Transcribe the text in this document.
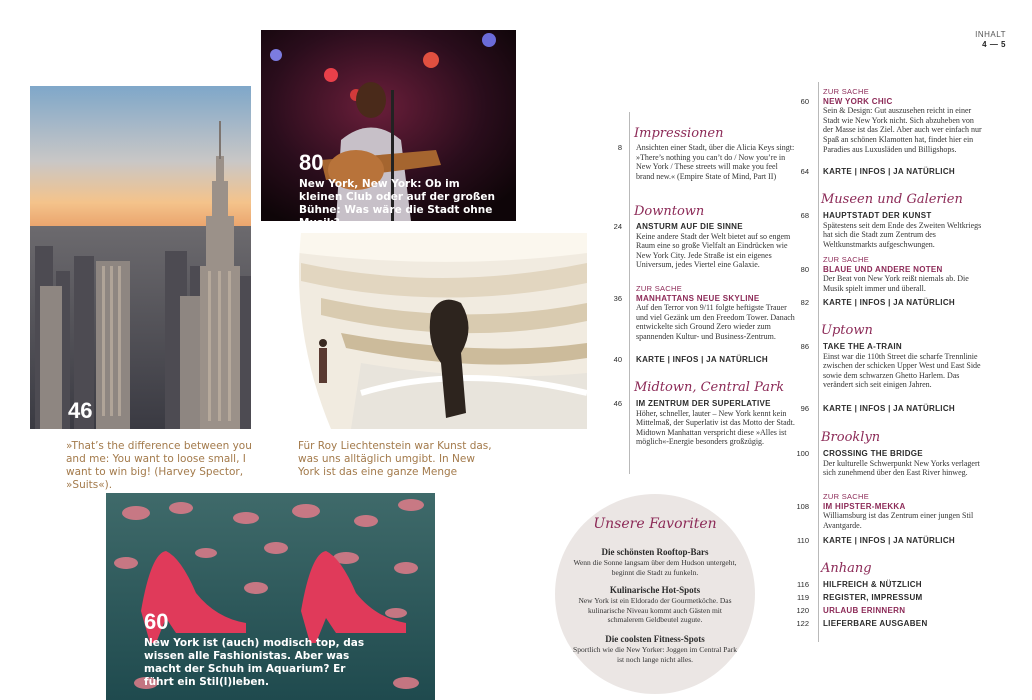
INHALT
4 — 5
46
»That’s the difference between you and me: You want to loose small, I want to win big! (Harvey Spector, »Suits«).
80
New York, New York: Ob im kleinen Club oder auf der großen Bühne: Was wäre die Stadt ohne Musik?
71
Für Roy Liechtenstein war Kunst das, was uns alltäglich umgibt. In New York ist das eine ganze Menge
60
New York ist (auch) modisch top, das wissen alle Fashionistas. Aber was macht der Schuh im Aquarium? Er führt ein Stil(l)leben.
Impressionen
8 Ansichten einer Stadt, über die Alicia Keys singt: »There’s nothing you can’t do / Now you’re in New York / These streets will make you feel brand new.« (Empire State of Mind, Part II)
Downtown
24 ANSTURM AUF DIE SINNE
Keine andere Stadt der Welt bietet auf so engem Raum eine so große Vielfalt an Eindrücken wie New York City. Jede Straße ist ein eigenes Universum, jedes Viertel eine Galaxie.
ZUR SACHE
36 MANHATTANS NEUE SKYLINE
Auf den Terror von 9/11 folgte heftigste Trauer und viel Gezänk um den Freedom Tower. Danach entwickelte sich Ground Zero wieder zum spannenden Kultur- und Business-Zentrum.
40 KARTE | INFOS | JA NATÜRLICH
Midtown, Central Park
46 IM ZENTRUM DER SUPERLATIVE
Höher, schneller, lauter – New York kennt kein Mittelmaß, der Superlativ ist das Motto der Stadt. Midtown Manhattan verspricht diese »Alles ist möglich«-Energie besonders großzügig.
ZUR SACHE
60 NEW YORK CHIC
Sein & Design: Gut auszusehen reicht in einer Stadt wie New York nicht. Sich abzuheben von der Masse ist das Ziel. Aber auch wer einfach nur Spaß an schönen Klamotten hat, findet hier ein Paradies aus Luxusläden und Billigshops.
64 KARTE | INFOS | JA NATÜRLICH
Museen und Galerien
68 HAUPTSTADT DER KUNST
Spätestens seit dem Ende des Zweiten Weltkriegs hat sich die Stadt zum Zentrum des Weltkunstmarkts aufgeschwungen.
ZUR SACHE
80 BLAUE UND ANDERE NOTEN
Der Beat von New York reißt niemals ab. Die Musik spielt immer und überall.
82 KARTE | INFOS | JA NATÜRLICH
Uptown
86 TAKE THE A-TRAIN
Einst war die 110th Street die scharfe Trennlinie zwischen der schicken Upper West und East Side sowie dem schwarzen Ghetto Harlem. Das verändert sich seit einigen Jahren.
96 KARTE | INFOS | JA NATÜRLICH
Brooklyn
100 CROSSING THE BRIDGE
Der kulturelle Schwerpunkt New Yorks verlagert sich zunehmend über den East River hinweg.
ZUR SACHE
108 IM HIPSTER-MEKKA
Williamsburg ist das Zentrum einer jungen Stil Avantgarde.
110 KARTE | INFOS | JA NATÜRLICH
Anhang
116 HILFREICH & NÜTZLICH
119 REGISTER, IMPRESSUM
120 URLAUB ERINNERN
122 LIEFERBARE AUSGABEN
Unsere Favoriten
Die schönsten Rooftop-Bars
Wenn die Sonne langsam über dem Hudson untergeht, beginnt die Stadt zu funkeln.
Kulinarische Hot-Spots
New York ist ein Eldorado der Gourmetköche. Das kulinarische Niveau kommt auch Gästen mit schmalerem Geldbeutel zugute.
Die coolsten Fitness-Spots
Sportlich wie die New Yorker: Joggen im Central Park ist noch lange nicht alles.
